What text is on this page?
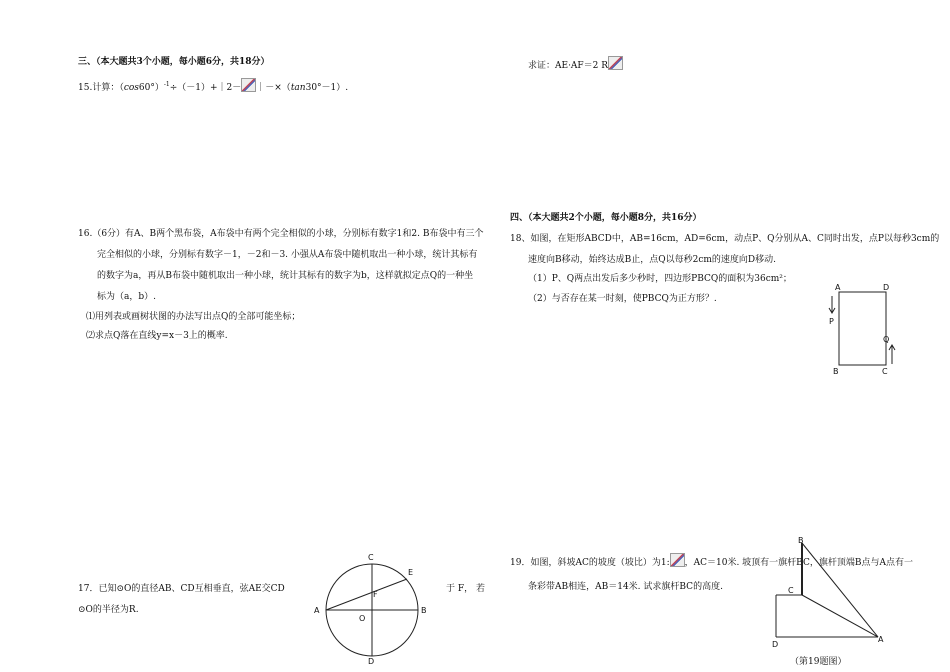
三、（本大题共3个小题，每小题6分，共18分）
15.计算：$(\cos 60^\circ)^{-1}\div(-1)+|2-$ ｜－×（tan30°－1）.
16.（6分）有A、B两个黑布袋，A布袋中有两个完全相似的小球，分别标有数字1和2. B布袋中有三个
完全相似的小球，分别标有数字－1，－2和－3. 小强从A布袋中随机取出一种小球，统计其标有
的数字为a，再从B布袋中随机取出一种小球，统计其标有的数字为b，这样就拟定点Q的一种坐
标为（a，b）.
⑴用列表或画树状图的办法写出点Q的全部可能坐标；
⑵求点Q落在直线y=x－3上的概率.
17．已知⊙O的直径AB、CD互相垂直，弦AE交CD	于 F， 若
⊙O的半径为R.
C
D
A	B
E
F
O
求证：AE·AF＝2 R
四、（本大题共2个小题，每小题8分，共16分）
18、如图，在矩形ABCD中，AB=16cm，AD=6cm，动点P、Q分别从A、C同时出发，点P以每秒3cm的
速度向B移动，始终达成B止，点Q以每秒2cm的速度向D移动.
（1）P、Q两点出发后多少秒时，四边形PBCQ的面积为36cm²；
（2）与否存在某一时刻，使PBCQ为正方形？.
A	D
B	C
P
Q
19．如图，斜坡AC的坡度（坡比）为1: ，AC＝10米. 坡顶有一旗杆BC，旗杆顶端B点与A点有一
条彩带AB相连，AB＝14米. 试求旗杆BC的高度.
B
C
A
D
（第19题图）
